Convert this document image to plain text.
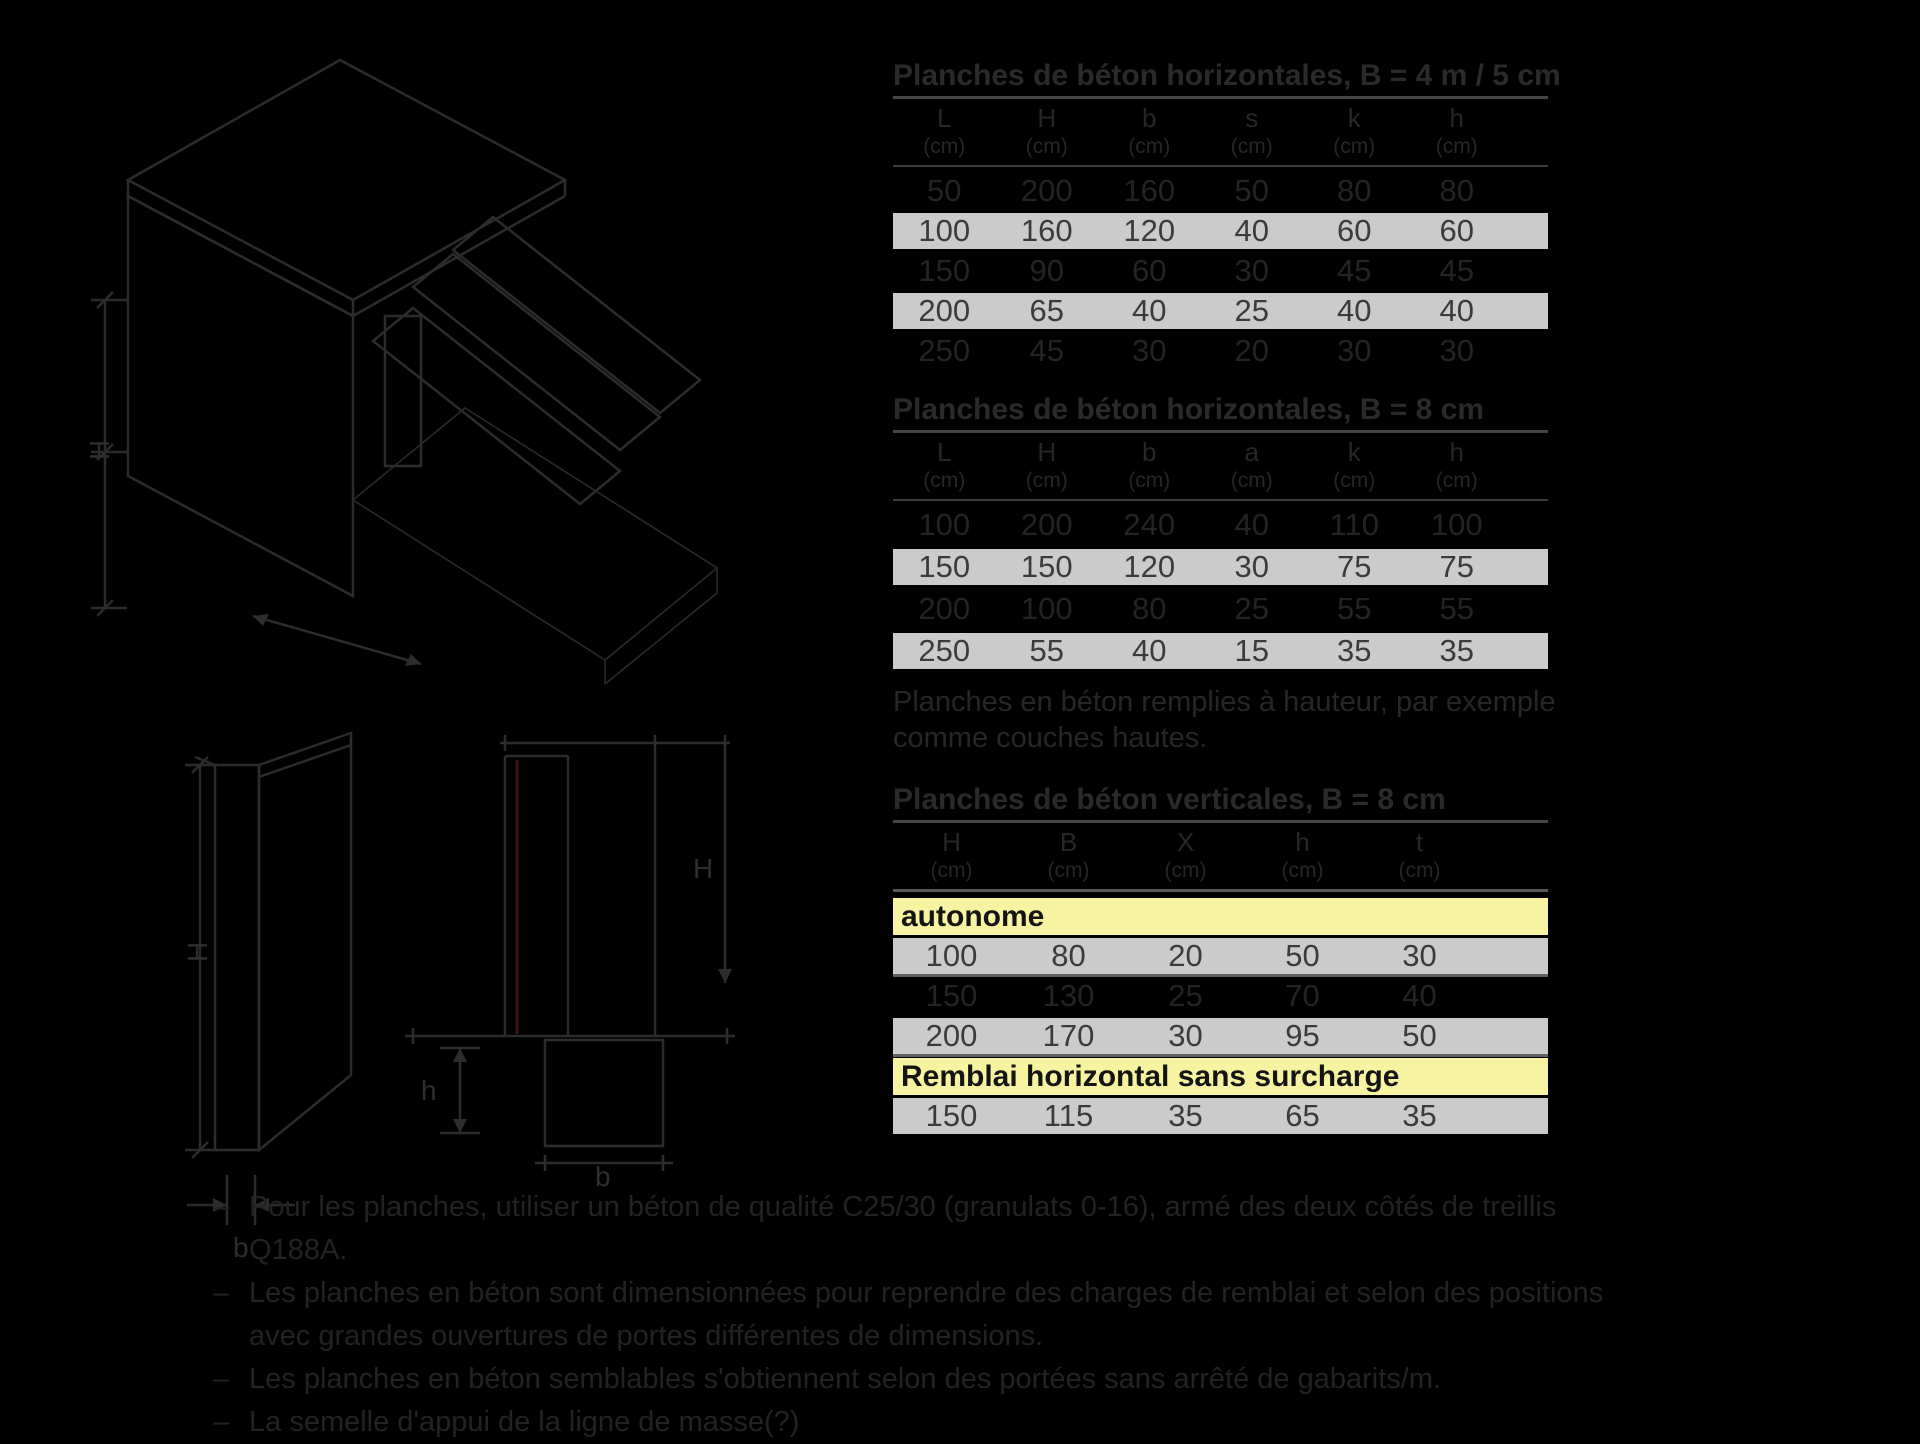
H
H
b
H
b
h
Planches de béton horizontales, B = 4 m / 5 cm
L	H	b	s	k	h
(cm)	(cm)	(cm)	(cm)	(cm)	(cm)
50	200	160	50	80	80
100	160	120	40	60	60
150	90	60	30	45	45
200	65	40	25	40	40
250	45	30	20	30	30
Planches de béton horizontales, B = 8 cm
L	H	b	a	k	h
(cm)	(cm)	(cm)	(cm)	(cm)	(cm)
100	200	240	40	110	100
150	150	120	30	75	75
200	100	80	25	55	55
250	55	40	15	35	35
Planches de béton verticales, B = 8 cm
H	B	X	h	t
(cm)	(cm)	(cm)	(cm)	(cm)
autonome
100	80	20	50	30
150	130	25	70	40
200	170	30	95	50
Remblai horizontal sans surcharge
150	115	35	65	35
Planches en béton remplies à hauteur, par exemple
comme couches hautes.
– Pour les planches, utiliser un béton de qualité C25/30 (granulats 0-16), armé des deux côtés de treillis Q188A.
– Les planches en béton sont dimensionnées pour reprendre des charges de remblai et selon des positions avec grandes ouvertures de portes différentes de dimensions.
– Les planches en béton semblables s'obtiennent selon des portées sans arrêté de gabarits/m.
– La semelle d'appui de la ligne de masse(?)
